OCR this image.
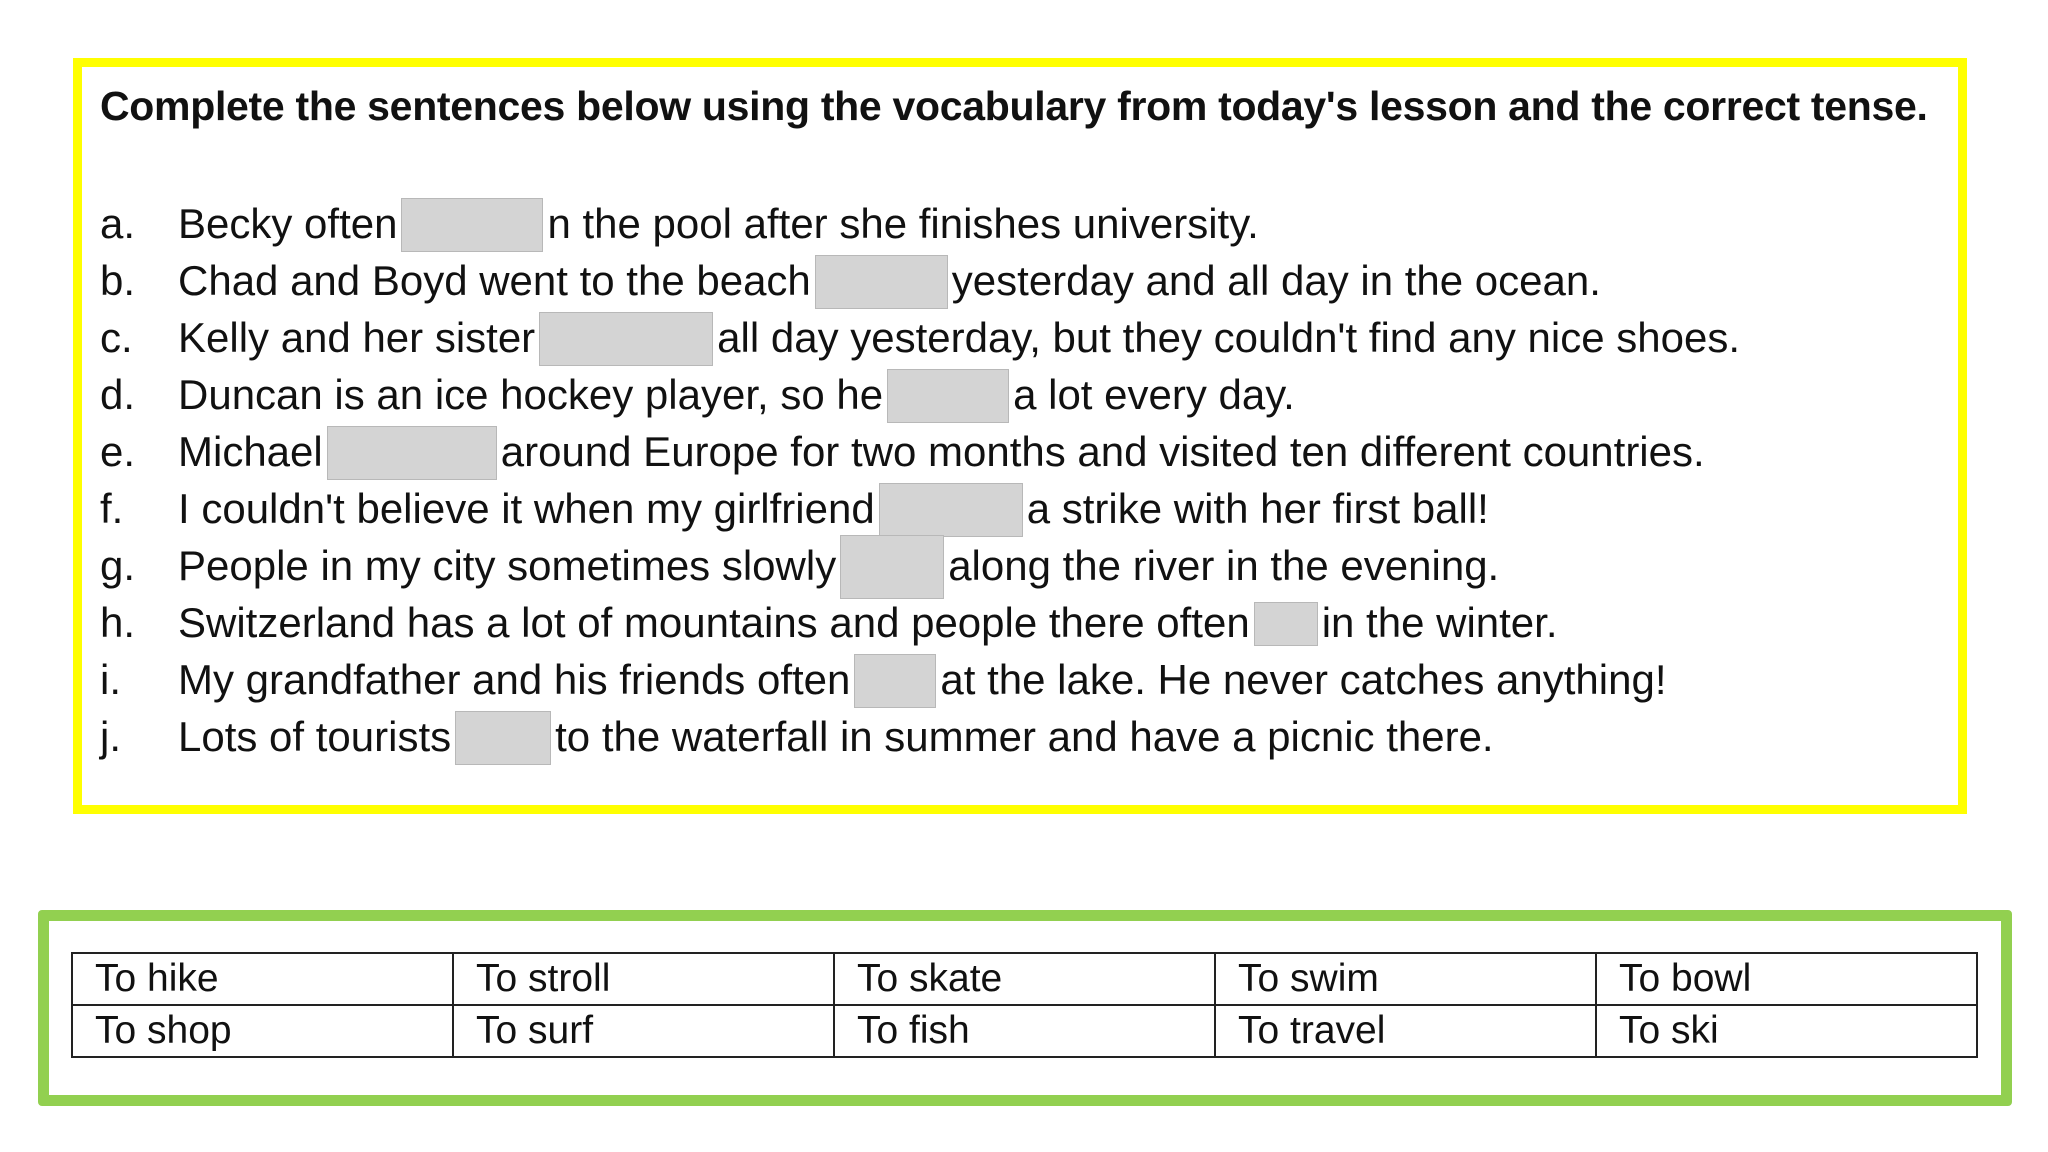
Complete the sentences below using the vocabulary from today's lesson and the correct tense.
a. Becky often	n the pool after she finishes university.
b. Chad and Boyd went to the beach	yesterday and all day in the ocean.
c. Kelly and her sister	all day yesterday, but they couldn't find any nice shoes.
d. Duncan is an ice hockey player, so he	a lot every day.
e. Michael	around Europe for two months and visited ten different countries.
f. I couldn't believe it when my girlfriend	a strike with her first ball!
g. People in my city sometimes slowly	along the river in the evening.
h. Switzerland has a lot of mountains and people there often in the winter.
i. My grandfather and his friends often at the lake. He never catches anything!
j. Lots of tourists to the waterfall in summer and have a picnic there.
To hike	To stroll	To skate	To swim	To bowl
To shop	To surf	To fish	To travel	To ski
